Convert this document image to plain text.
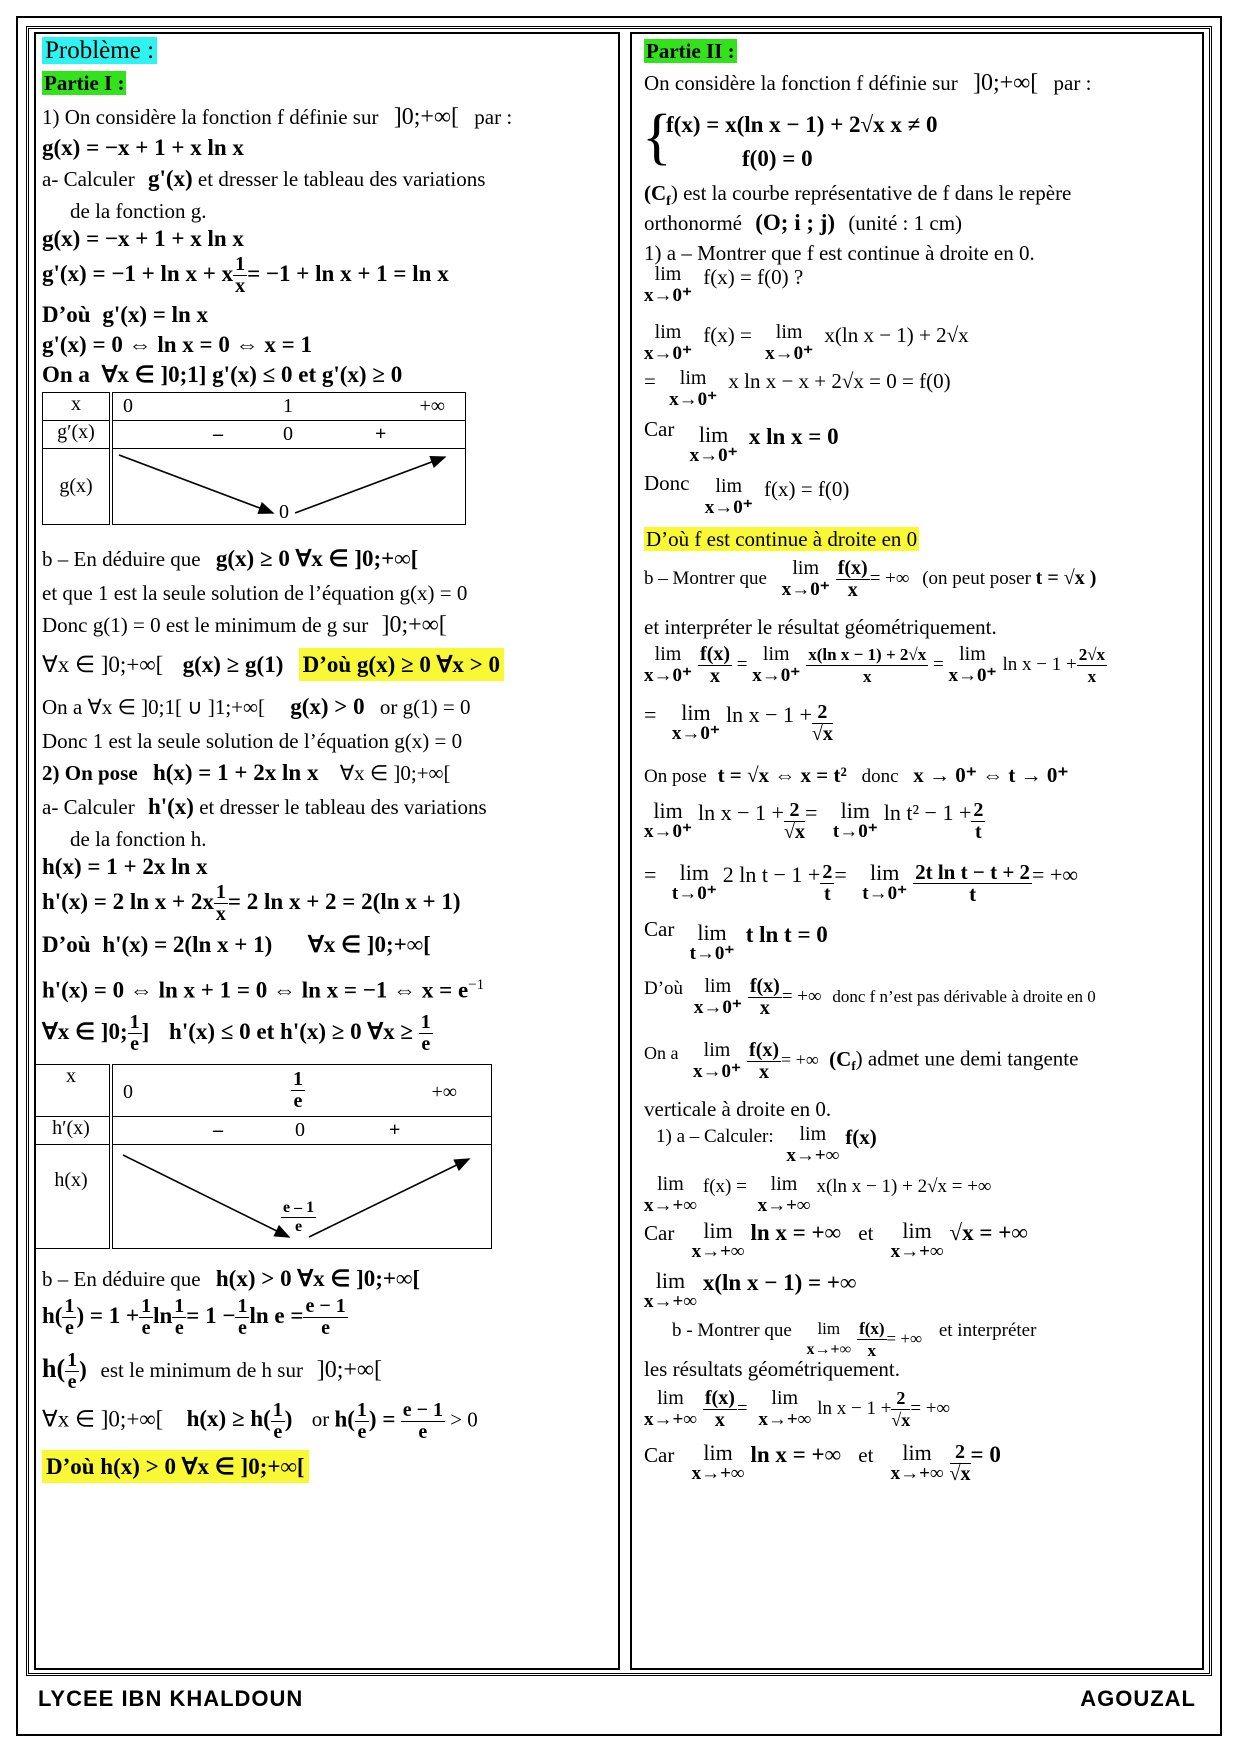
Problème :
Partie I :
1) On considère la fonction f définie sur ]0;+∞[ par :
g(x) = −x + 1 + x ln x
a- Calculer g'(x) et dresser le tableau des variations
de la fonction g.
g(x) = −x + 1 + x ln x
g'(x) = −1 + ln x + x $\frac{1}{x} = -1 + \ln x + 1 = \ln x$
D’où g'(x) = ln x
g'(x) = 0 ⇔ ln x = 0 ⇔ x = 1
On a ∀x ∈ ]0;1] g'(x) ≤ 0 et g'(x) ≥ 0
x	0 1 +∞

g′(x)	– 0 +

g(x)	0
b – En déduire que g(x) ≥ 0 ∀x ∈ ]0;+∞[
et que 1 est la seule solution de l’équation g(x) = 0
Donc g(1) = 0 est le minimum de g sur ]0;+∞[
∀x ∈ ]0;+∞[ g(x) ≥ g(1) D’où g(x) ≥ 0 ∀x > 0
On a ∀x ∈ ]0;1[ ∪ ]1;+∞[ g(x) > 0 or g(1) = 0
Donc 1 est la seule solution de l’équation g(x) = 0
2) On pose h(x) = 1 + 2x ln x ∀x ∈ ]0;+∞[
a- Calculer h'(x) et dresser le tableau des variations
de la fonction h.
h(x) = 1 + 2x ln x
h'(x) = 2 $\ln x + 2x \frac{1}{x} = 2$ ln x + 2 = 2(ln x + 1)
D’où h'(x) = 2(ln x + 1) ∀x ∈ ]0;+∞[
h'(x) = 0 ⇔ ln x + 1 = 0 ⇔ ln x = −1 ⇔ $x = e^{-1}$
∀x ∈ ]0; $\frac{1}{e}$ ] h'(x) ≤ 0 et h'(x) ≥ 0 ∀x ≥ $\frac{1}{e}$
x	$0 \frac{1}{e}$ +∞

h′(x)	– 0 +

h(x)	$\frac{e - 1}{e}$
b – En déduire que h(x) > 0 ∀x ∈ ]0;+∞[
$h( \frac{1}{e}$ ) = $1 + \frac{1}{e}$ $\ln \frac{1}{e} = 1 - \frac{1}{e}$ $\ln e = \frac{e - 1}{e}$
$h( \frac{1}{e}$ ) est le minimum de h sur ]0;+∞[
∀x ∈ ]0;+∞[ $h(x) \ge h( \frac{1}{e}$ ) or $h( \frac{1}{e}$ ) = $\frac{e - 1}{e} > 0$
D’où h(x) > 0 ∀x ∈ ]0;+∞[
Partie II :
On considère la fonction f définie sur ]0;+∞[ par :
{
f(x) = x(ln x − 1) + 2√x x ≠ 0
f(0) = 0
$(C_f)$ est la courbe représentative de f dans le repère
orthonormé (O; i ; j) (unité : 1 cm)
1) a – Montrer que f est continue à droite en 0.
lim
x→0⁺
f(x) = f(0) ?
lim
x→0⁺
f(x) =	lim
x→0⁺
x(ln x − 1) + 2√x
=	lim
x→0⁺
x ln x − x + 2√x = 0 = f(0)
Car	lim
x→0⁺
x ln x = 0
Donc	lim
x→0⁺
f(x) = f(0)
D’où f est continue à droite en 0
b – Montrer que	lim
$x\to 0^+ \frac{f(x)}{x}$ = +∞ (on peut poser t = √x )
et interpréter le résultat géométriquement.
lim
$x\to 0^+ \frac{f(x)}{x} = \lim$
$x\to 0^+ \frac{\text{x(ln x − 1) + 2√x}}{x} = \lim$
x→0⁺
$\ln x - 1 + \frac{2√x}{x}$
=	lim
x→0⁺
$\ln x - 1 + \frac{2}{√x}$
On pose t = √x ⇔ x = t² donc x → 0⁺ ⇔ t → 0⁺
lim
x→0⁺
$\ln x - 1 + \frac{2}{√x}$ =	lim
t→0⁺
$\ln t^2 - 1 + \frac{2}{t}$
=	lim
t→0⁺
2 $\ln t - 1 + \frac{2}{t}$ =	lim
$t\to 0^+ \frac{\text{2t ln t − t + 2}}{t}$ = +∞
Car	lim
t→0⁺
t ln t = 0
D’où	lim
$x\to 0^+ \frac{f(x)}{x}$ = +∞ donc f n’est pas dérivable à droite en 0
On a	lim
$x\to 0^+ \frac{f(x)}{x}$ = +∞ $(C_f)$ admet une demi tangente
verticale à droite en 0.
1) a – Calculer:	lim
x→+∞
f(x)
lim
x→+∞
f(x) =	lim
x→+∞
x(ln x − 1) + 2√x = +∞
Car	lim
x→+∞
ln x = +∞ et	lim
x→+∞
√x = +∞
lim
x→+∞
x(ln x − 1) = +∞
b - Montrer que	lim
$x\to+\infty \frac{f(x)}{x}$ = +∞ et interpréter
les résultats géométriquement.
lim
$x\to+\infty \frac{f(x)}{x}$ =	lim
x→+∞
$\ln x - 1 + \frac{2}{√x}$ = +∞
Car	lim
x→+∞
ln x = +∞ et	lim
$x\to+\infty \frac{2}{√x} = 0$
LYCEE IBN KHALDOUN	AGOUZAL
